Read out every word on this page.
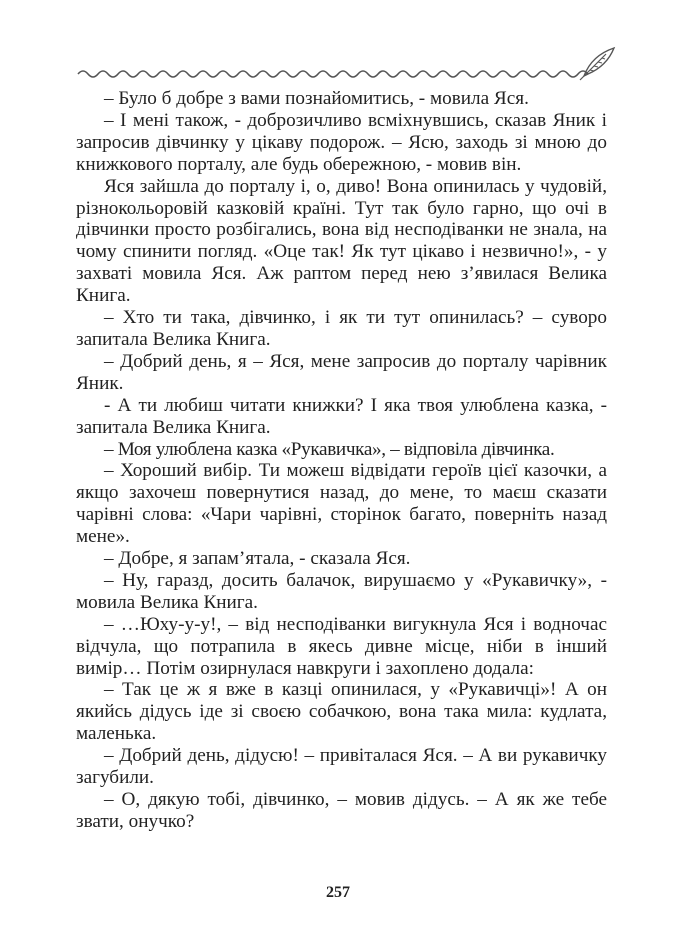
– Було б добре з вами познайомитись, - мовила Яся.

– І мені також, - доброзичливо всміхнувшись, сказав Яник і запросив дівчинку у цікаву подорож. – Ясю, заходь зі мною до книжкового порталу, але будь обережною, - мовив він.

Яся зайшла до порталу і, о, диво! Вона опинилась у чудовій, різнокольоровій казковій країні. Тут так було гарно, що очі в дівчинки просто розбігались, вона від несподіванки не знала, на чому спинити погляд. «Оце так! Як тут цікаво і незвично!», - у захваті мовила Яся. Аж раптом перед нею з’явилася Велика Книга.

– Хто ти така, дівчинко, і як ти тут опинилась? – суворо запитала Велика Книга.

– Добрий день, я – Яся, мене запросив до порталу чарівник Яник.

- А ти любиш читати книжки? І яка твоя улюблена казка, - запитала Велика Книга.

– Моя улюблена казка «Рукавичка», – відповіла дівчинка.

– Хороший вибір. Ти можеш відвідати героїв цієї казочки, а якщо захочеш повернутися назад, до мене, то маєш сказати чарівні слова: «Чари чарівні, сторінок багато, поверніть назад мене».

– Добре, я запам’ятала, - сказала Яся.

– Ну, гаразд, досить балачок, вирушаємо у «Рукавичку», - мовила Велика Книга.

– …Юху-у-у!, – від несподіванки вигукнула Яся і водночас відчула, що потрапила в якесь дивне місце, ніби в інший вимір… Потім озирнулася навкруги і захоплено додала:

– Так це ж я вже в казці опинилася, у «Рукавичці»! А он якийсь дідусь іде зі своєю собачкою, вона така мила: кудлата, маленька.

– Добрий день, дідусю! – привіталася Яся. – А ви рукавичку загубили.

– О, дякую тобі, дівчинко, – мовив дідусь. – А як же тебе звати, онучко?

257
